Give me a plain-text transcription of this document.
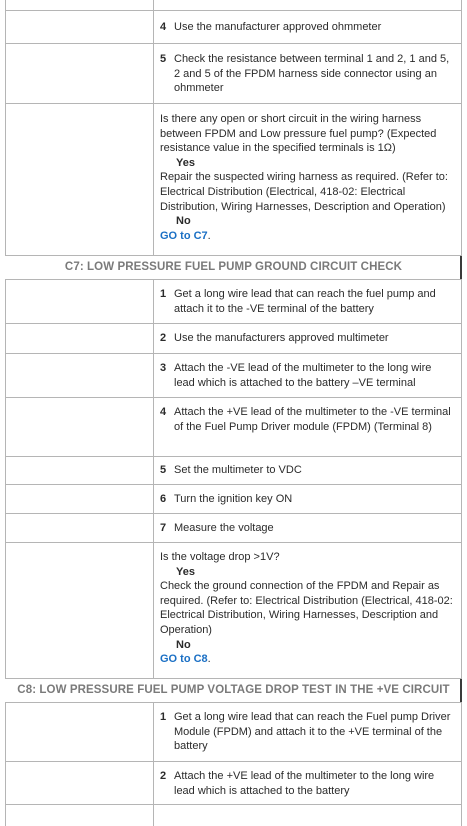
4 Use the manufacturer approved ohmmeter
5 Check the resistance between terminal 1 and 2, 1 and 5, 2 and 5 of the FPDM harness side connector using an ohmmeter
Is there any open or short circuit in the wiring harness between FPDM and Low pressure fuel pump? (Expected resistance value in the specified terminals is 1Ω)
Yes
Repair the suspected wiring harness as required. (Refer to: Electrical Distribution (Electrical, 418-02: Electrical Distribution, Wiring Harnesses, Description and Operation)
No
GO to C7.
C7: LOW PRESSURE FUEL PUMP GROUND CIRCUIT CHECK
1 Get a long wire lead that can reach the fuel pump and attach it to the -VE terminal of the battery
2 Use the manufacturers approved multimeter
3 Attach the -VE lead of the multimeter to the long wire lead which is attached to the battery –VE terminal
4 Attach the +VE lead of the multimeter to the -VE terminal of the Fuel Pump Driver module (FPDM) (Terminal 8)
5 Set the multimeter to VDC
6 Turn the ignition key ON
7 Measure the voltage
Is the voltage drop >1V?
Yes
Check the ground connection of the FPDM and Repair as required. (Refer to: Electrical Distribution (Electrical, 418-02: Electrical Distribution, Wiring Harnesses, Description and Operation)
No
GO to C8.
C8: LOW PRESSURE FUEL PUMP VOLTAGE DROP TEST IN THE +VE CIRCUIT
1 Get a long wire lead that can reach the Fuel pump Driver Module (FPDM) and attach it to the +VE terminal of the battery
2 Attach the +VE lead of the multimeter to the long wire lead which is attached to the battery
